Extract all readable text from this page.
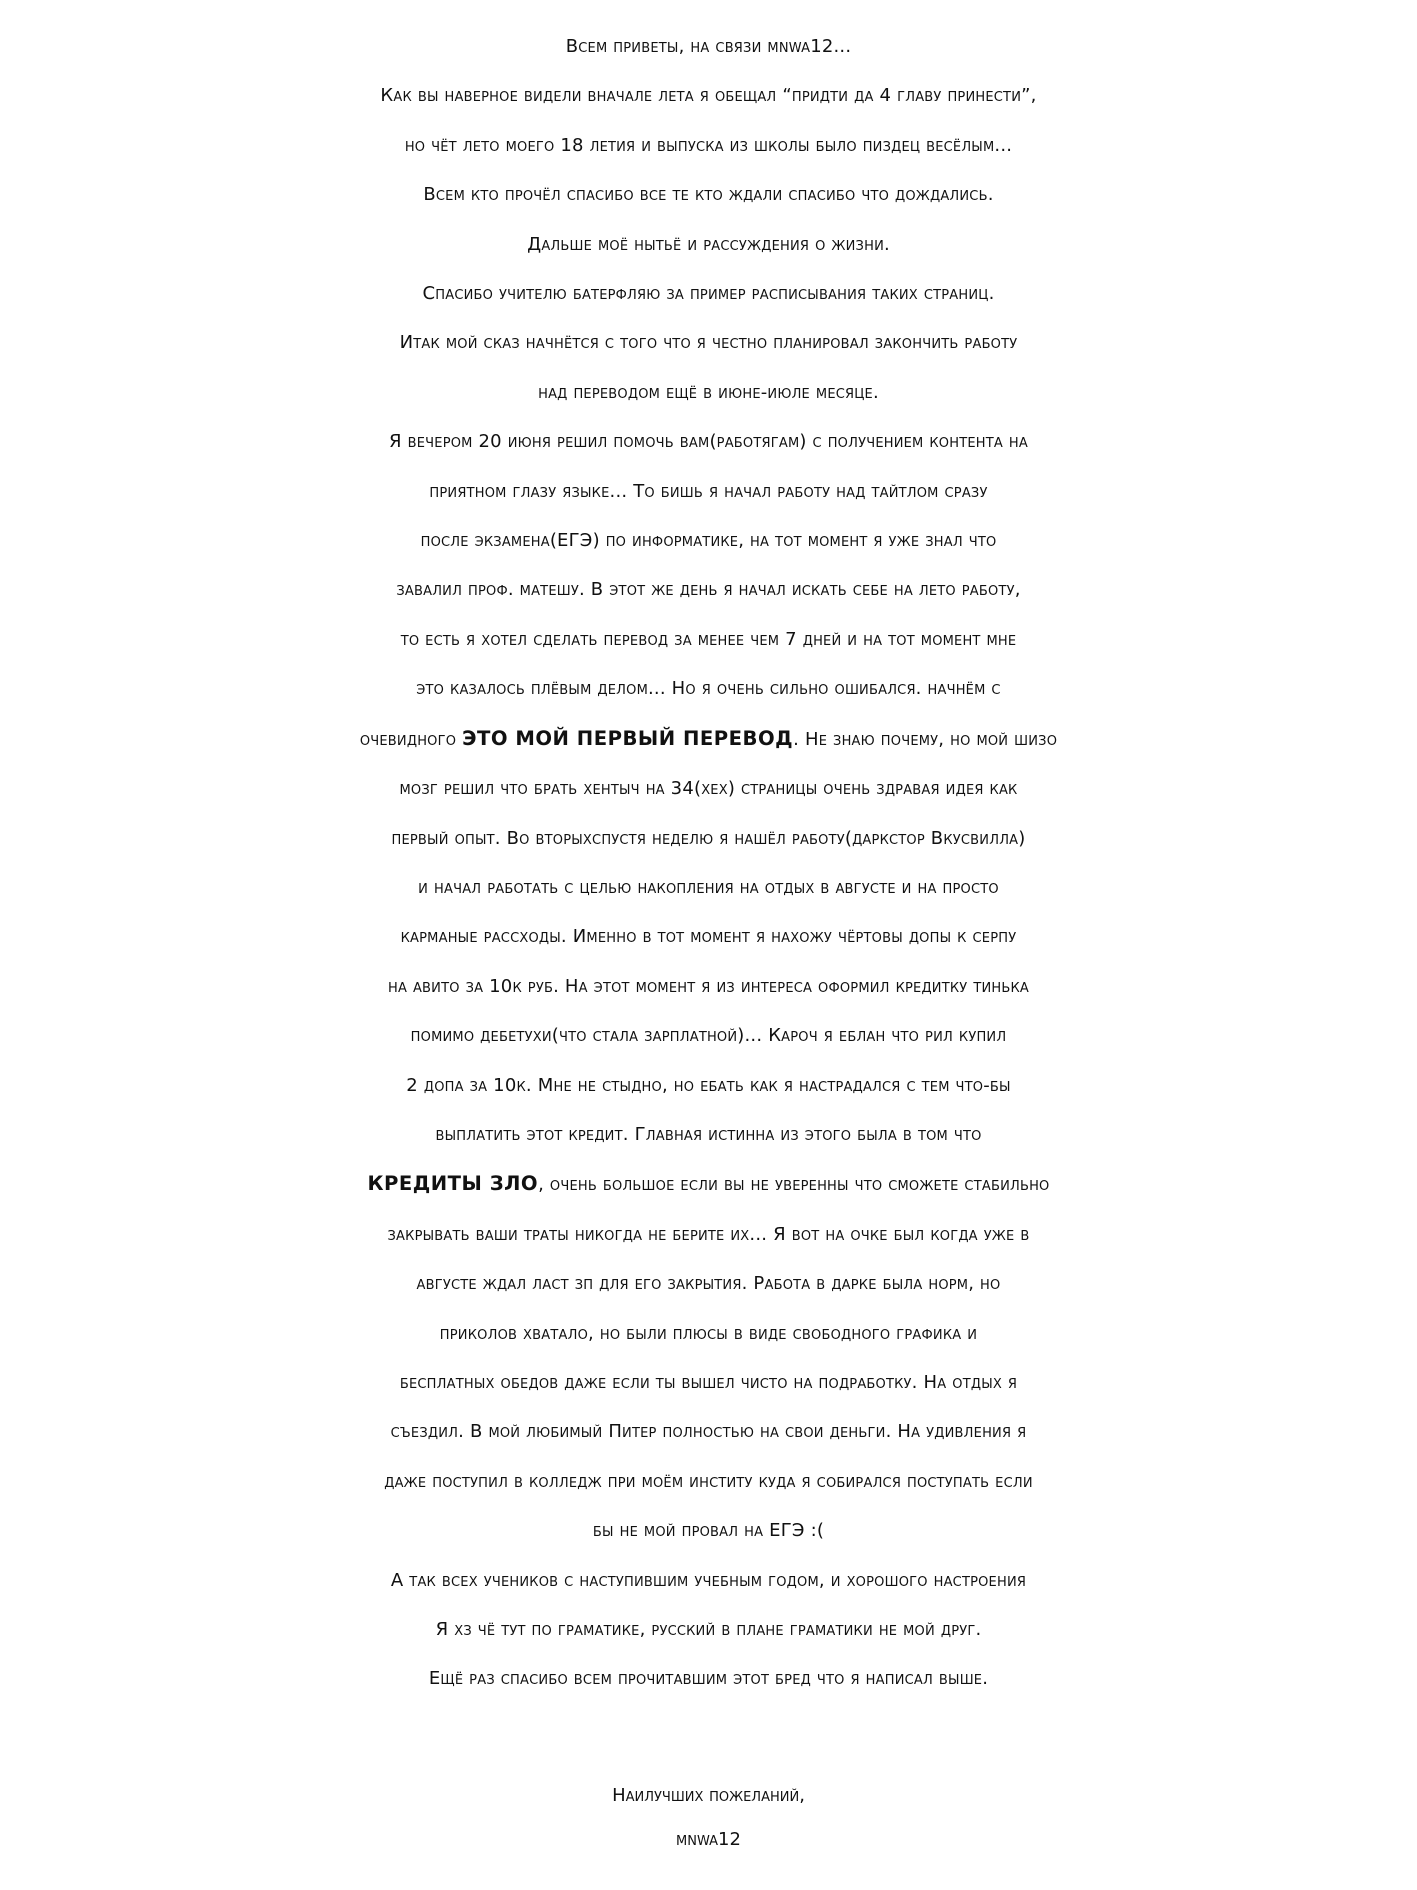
Всем приветы, на связи mnwa12...
Как вы наверное видели вначале лета я обещал “придти да 4 главу принести”,
но чёт лето моего 18 летия и выпуска из школы было пиздец весёлым...
Всем кто прочёл спасибо все те кто ждали спасибо что дождались.
Дальше моё нытьё и рассуждения о жизни.
Спасибо учителю батерфляю за пример расписывания таких страниц.
Итак мой сказ начнётся с того что я честно планировал закончить работу
над переводом ещё в июне-июле месяце.
Я вечером 20 июня решил помочь вам(работягам) с получением контента на
приятном глазу языке... То бишь я начал работу над тайтлом сразу
после экзамена(ЕГЭ) по информатике, на тот момент я уже знал что
завалил проф. матешу. В этот же день я начал искать себе на лето работу,
то есть я хотел сделать перевод за менее чем 7 дней и на тот момент мне
это казалось плёвым делом... Но я очень сильно ошибался. начнём с
очевидного ЭТО МОЙ ПЕРВЫЙ ПЕРЕВОД. Не знаю почему, но мой шизо
мозг решил что брать хентыч на 34(хех) страницы очень здравая идея как
первый опыт. Во вторыхспустя неделю я нашёл работу(даркстор Вкусвилла)
и начал работать с целью накопления на отдых в августе и на просто
карманые рассходы. Именно в тот момент я нахожу чёртовы допы к серпу
на авито за 10к руб. На этот момент я из интереса оформил кредитку тинька
помимо дебетухи(что стала зарплатной)... Кароч я еблан что рил купил
2 допа за 10к. Мне не стыдно, но ебать как я настрадался с тем что-бы
выплатить этот кредит. Главная истинна из этого была в том что
КРЕДИТЫ ЗЛО, очень большое если вы не уверенны что сможете стабильно
закрывать ваши траты никогда не берите их... Я вот на очке был когда уже в
августе ждал ласт зп для его закрытия. Работа в дарке была норм, но
приколов хватало, но были плюсы в виде свободного графика и
бесплатных обедов даже если ты вышел чисто на подработку. На отдых я
съездил. В мой любимый Питер полностью на свои деньги. На удивления я
даже поступил в колледж при моём институ куда я собирался поступать если
бы не мой провал на ЕГЭ :(
А так всех учеников с наступившим учебным годом, и хорошого настроения
Я хз чё тут по граматике, русский в плане граматики не мой друг.
Ещё раз спасибо всем прочитавшим этот бред что я написал выше.
Наилучших пожеланий,
mnwa12
